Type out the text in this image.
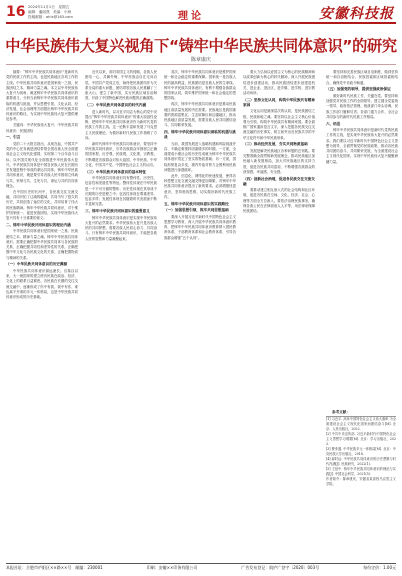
16 2024年11月1日　星期五
编辑：潘丽燕　美编：小海
投稿邮箱：ahlx@163.com	理论	安徽科技报
中华民族伟大复兴视角下“铸牢中华民族共同体意识”的研究
陈章康庆

摘要：“铸牢中华民族共同体意识”是新时代党的民族工作的主线，也是民族地区各项工作的主线。中华民族共同体意识是国家统一之基、民族团结之本、精神力量之魂。本文以中华民族伟大复兴为视角，阐述铸牢中华民族共同体意识的重要意义，分析当前铸牢中华民族共同体意识面临的机遇与挑战，并从思想引领、文化认同、经济发展、社会治理等方面提出铸牢中华民族共同体意识的路径，为实现中华民族伟大复兴提供理论参考。

关键词：中华民族伟大复兴；中华民族共同体意识；民族团结

一、引言

党的二十大报告指出，从现在起，中国共产党的中心任务就是团结带领全国各族人民全面建成社会主义现代化强国、实现第二个百年奋斗目标，以中国式现代化全面推进中华民族伟大复兴。中华民族共同体是中国各民族人民在长期历史发展进程中形成的命运共同体。铸牢中华民族共同体意识，就是要引导各族人民牢固树立休戚与共、荣辱与共、生死与共、命运与共的共同体理念。

在中国历史的长河中，各民族交往交流交融，共同开拓了辽阔的疆域，共同书写了悠久的历史，共同创造了灿烂的文化，共同培育了伟大的民族精神。铸牢中华民族共同体意识，对于维护国家统一、促进民族团结、实现中华民族伟大复兴具有十分重要的意义。

二、铸牢中华民族共同体意识的理论内涵

中华民族共同体意识是国家统一之基、民族团结之本、精神力量之魂。铸牢中华民族共同体意识，需要正确把握中华民族共同体与各民族的关系，正确把握共同性和差异性的关系，正确把握中华文化与各民族文化的关系，正确把握物质与精神的关系。

（一）中华民族共同体意识的历史渊源

中华民族共同体意识源远流长。自秦汉以来，大一统国家的建立使各民族在政治、经济、文化上的联系日益紧密。各民族在长期的交往交流交融中，逐渐形成了你中有我、我中有你、谁也离不开谁的多元一体格局，这是中华民族共同体意识形成的历史基础。

近代以来，面对帝国主义的侵略，各族人民团结一心、共御外侮，中华民族由自在走向自觉。中国共产党成立后，始终把民族团结作为关系全局的重大问题，团结带领各族人民推翻了三座大山，建立了新中国，实行民族区域自治制度，开辟了中国特色解决民族问题的正确道路。

（二）中华民族共同体意识的时代内涵

进入新时代，以习近平同志为核心的党中央提出“铸牢中华民族共同体意识”的重大原创性论断，把铸牢中华民族共同体意识作为新时代党的民族工作的主线。这一论断丰富和发展了马克思主义民族理论，为做好新时代民族工作指明了方向。

新时代铸牢中华民族共同体意识，要坚持中华民族共同体意识，引导各族群众牢固树立正确的国家观、历史观、民族观、文化观、宗教观，不断增进各族群众对伟大祖国、中华民族、中华文化、中国共产党、中国特色社会主义的认同。

（三）中华民族共同体意识的基本特征

中华民族共同体意识具有整体性、历史性、包容性和发展性等特征。整体性体现在中华民族是一个不可分割的整体；历史性体现在其形成于长期的历史进程之中；包容性体现在尊重差异、包容多样；发展性体现在其随着时代发展而不断丰富和完善。

三、铸牢中华民族共同体意识的重要意义

铸牢中华民族共同体意识是实现中华民族伟大复兴的必然要求。中华民族伟大复兴是各族人民的共同梦想，需要各族人民同心协力、共同奋斗。只有铸牢中华民族共同体意识，才能把各族人民的智慧和力量凝聚起来。

其次，铸牢中华民族共同体意识是维护国家统一和社会稳定的重要保障。国家统一是各族人民的最高利益，民族团结是各族人民的生命线。铸牢中华民族共同体意识，有利于增强各族群众的国家认同，筑牢维护国家统一和社会稳定的思想防线。

再次，铸牢中华民族共同体意识是推动民族地区高质量发展的内在需要。民族地区是我国重要的资源富集区、生态屏障区和边疆地区，推动民族地区高质量发展，需要各族人民共同团结奋斗、共同繁荣发展。

四、铸牢中华民族共同体意识面临的机遇与挑战

当前，我国发展进入战略机遇和风险挑战并存、不确定难预料因素增多的时期。一方面，全面建成小康社会的历史性成就为铸牢中华民族共同体意识奠定了坚实的物质基础；另一方面，国际形势复杂多变，境内外敌对势力企图利用民族问题进行渗透破坏。

此外，信息化、网络化的快速发展，使得各种思想文化交流交融交锋更加频繁，对铸牢中华民族共同体意识提出了新的要求。必须增强忧患意识，坚持底线思维，切实做好新时代民族工作。

五、铸牢中华民族共同体意识的实践路径
（一）加强思想引领，筑牢共同思想基础

要深入开展习近平新时代中国特色社会主义思想学习教育，深入开展中华民族共同体意识教育，把铸牢中华民族共同体意识教育纳入国民教育体系、干部教育体系和社会教育体系，引导各族群众增强“五个认同”。

要大力弘扬以爱国主义为核心的民族精神和以改革创新为核心的时代精神，深入开展民族团结进步创建活动，推动民族团结进步创建进机关、进企业、进社区、进乡镇、进学校、进宗教活动场所。

（二）坚持文化认同，构筑中华民族共有精神家园

文化认同是最深层次的认同，是民族团结之根、民族和睦之魂。要坚持以社会主义核心价值观为引领，构筑中华民族共有精神家园。要全面推广国家通用语言文字，深入挖掘各民族交往交流交融的历史事实，树立和突出各民族共享的中华文化符号和中华民族形象。

（三）推动经济发展，夯实共同物质基础

发展是解决民族地区各种问题的总钥匙。要完整准确全面贯彻新发展理念，推动民族地区加快融入新发展格局，加大对民族地区的支持力度，促进各民族共同富裕，不断增强各族群众的获得感、幸福感、安全感。

（四）创新社会治理，促进各民族交往交流交融

要推动建立相互嵌入式的社会结构和社区环境，促进各民族在空间、文化、经济、社会、心理等方面全方位嵌入。要依法治理民族事务，确保各族公民在法律面前人人平等，用法律来保障民族团结。

要坚持和完善民族区域自治制度，做到坚持统一和自治相结合、民族因素和区域因素相结合，确保党中央政令畅通。

（五）加强党的领导，提供坚强政治保证

做好新时代民族工作，关键在党。要坚持和加强党对民族工作的全面领导，建立健全党委统一领导、政府依法管理、统战部门牵头协调、民族工作部门履职尽责、各部门通力合作、全社会共同参与的新时代民族工作格局。

六、结语

铸牢中华民族共同体意识是新时代党的民族工作的主线，是实现中华民族伟大复兴的必然要求。我们要以习近平新时代中国特色社会主义思想为指导，全面贯彻党的民族政策，推动各民族共同团结奋斗、共同繁荣发展，为全面建设社会主义现代化国家、实现中华民族伟大复兴凝聚磅礴力量。

参考文献：

[1] 习近平. 高举中国特色社会主义伟大旗帜 为全面建设社会主义现代化国家而团结奋斗[M]. 北京：人民出版社，2022.

[2] 中共中央宣传部. 习近平新时代中国特色社会主义思想学习纲要[M]. 北京：学习出版社，2023.

[3] 费孝通. 中华民族多元一体格局[M]. 北京：中央民族大学出版社，2018.

[4] 郝时远. 中华民族共同体意识的历史逻辑与时代内涵[J]. 民族研究，2022(1).

[5] 王延中. 铸牢中华民族共同体意识的理论与实践[J]. 中国社会科学，2021(5).

作者简介：陈章康庆，安徽省某高校马克思主义学院。

本报社址：合肥市庐阳区××路××号　邮编：230001	印刷：安徽××印务有限公司	广告发布登记：皖庐广登字〔2020〕003号	每份定价：1.00元
